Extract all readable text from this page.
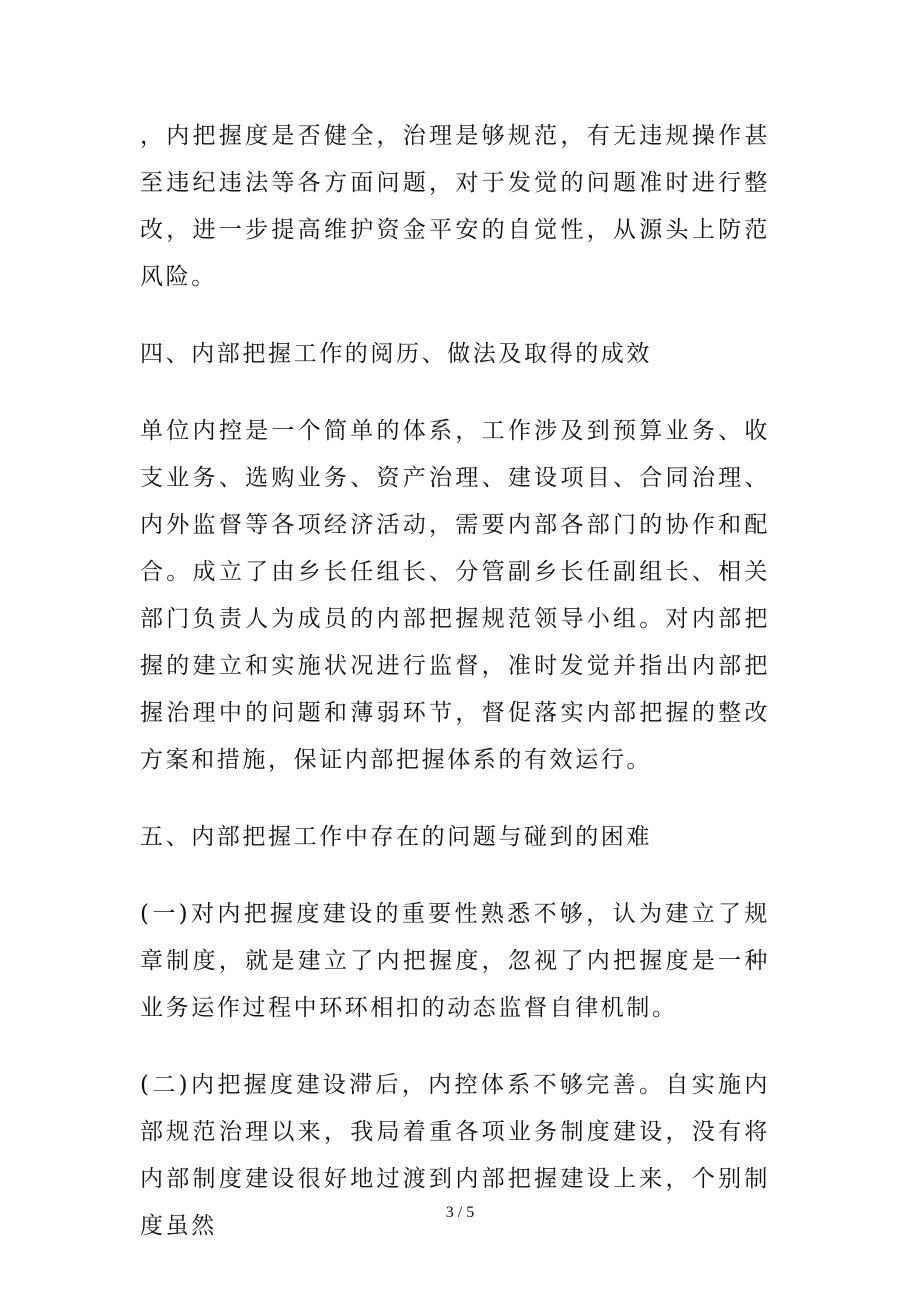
，内把握度是否健全，治理是够规范，有无违规操作甚至违纪违法等各方面问题，对于发觉的问题准时进行整改，进一步提高维护资金平安的自觉性，从源头上防范风险。

四、内部把握工作的阅历、做法及取得的成效

单位内控是一个简单的体系，工作涉及到预算业务、收支业务、选购业务、资产治理、建设项目、合同治理、内外监督等各项经济活动，需要内部各部门的协作和配合。成立了由乡长任组长、分管副乡长任副组长、相关部门负责人为成员的内部把握规范领导小组。对内部把握的建立和实施状况进行监督，准时发觉并指出内部把握治理中的问题和薄弱环节，督促落实内部把握的整改方案和措施，保证内部把握体系的有效运行。

五、内部把握工作中存在的问题与碰到的困难

(一)对内把握度建设的重要性熟悉不够，认为建立了规章制度，就是建立了内把握度，忽视了内把握度是一种业务运作过程中环环相扣的动态监督自律机制。

(二)内把握度建设滞后，内控体系不够完善。自实施内部规范治理以来，我局着重各项业务制度建设，没有将内部制度建设很好地过渡到内部把握建设上来，个别制度虽然

3 / 5
